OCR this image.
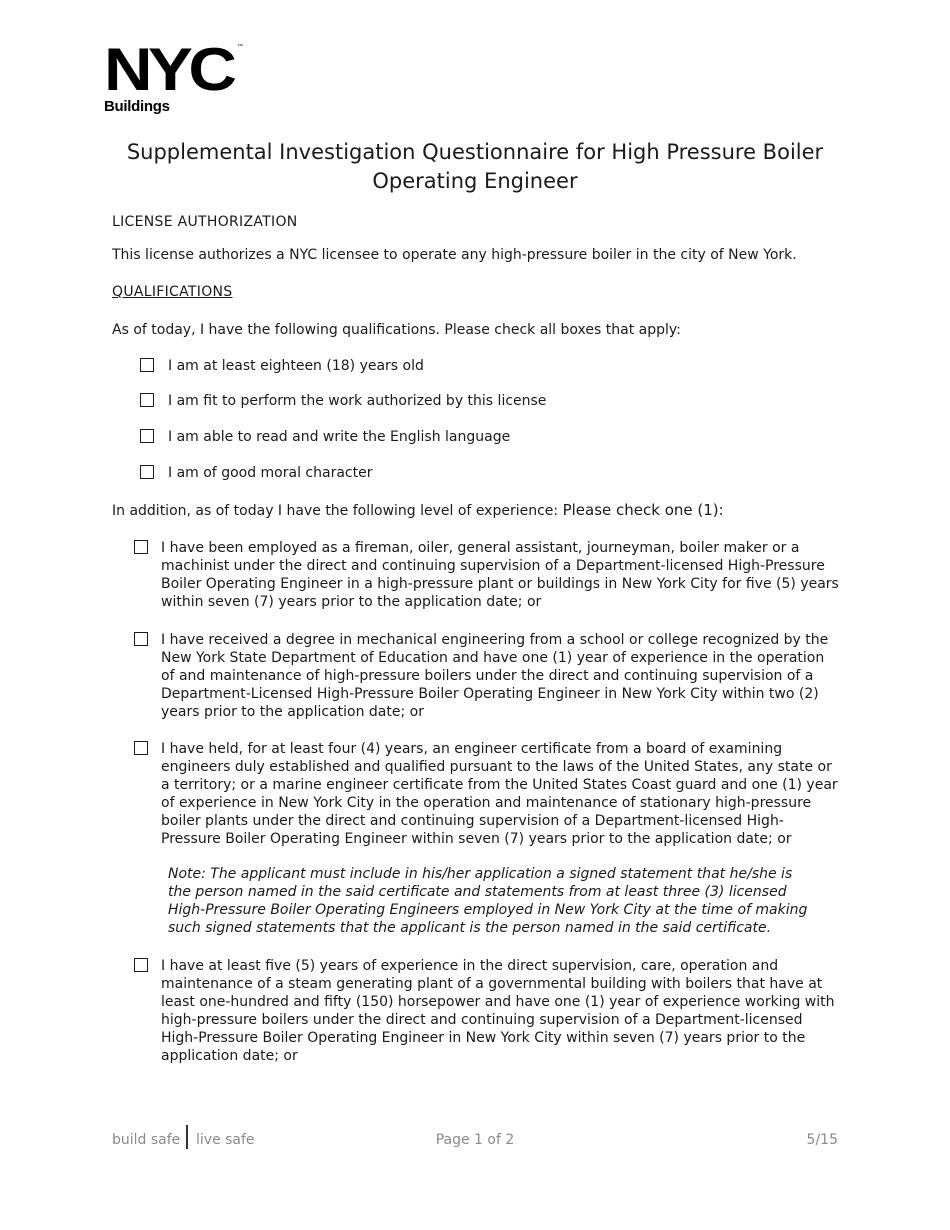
NYC ™
Buildings
Supplemental Investigation Questionnaire for High Pressure Boiler Operating Engineer
LICENSE AUTHORIZATION
This license authorizes a NYC licensee to operate any high-pressure boiler in the city of New York.
QUALIFICATIONS
As of today, I have the following qualifications. Please check all boxes that apply:
I am at least eighteen (18) years old
I am fit to perform the work authorized by this license
I am able to read and write the English language
I am of good moral character
In addition, as of today I have the following level of experience: Please check one (1):
I have been employed as a fireman, oiler, general assistant, journeyman, boiler maker or a machinist under the direct and continuing supervision of a Department-licensed High-Pressure Boiler Operating Engineer in a high-pressure plant or buildings in New York City for five (5) years within seven (7) years prior to the application date; or
I have received a degree in mechanical engineering from a school or college recognized by the New York State Department of Education and have one (1) year of experience in the operation of and maintenance of high-pressure boilers under the direct and continuing supervision of a Department-Licensed High-Pressure Boiler Operating Engineer in New York City within two (2) years prior to the application date; or
I have held, for at least four (4) years, an engineer certificate from a board of examining engineers duly established and qualified pursuant to the laws of the United States, any state or a territory; or a marine engineer certificate from the United States Coast guard and one (1) year of experience in New York City in the operation and maintenance of stationary high-pressure boiler plants under the direct and continuing supervision of a Department-licensed High-Pressure Boiler Operating Engineer within seven (7) years prior to the application date; or
Note: The applicant must include in his/her application a signed statement that he/she is the person named in the said certificate and statements from at least three (3) licensed High-Pressure Boiler Operating Engineers employed in New York City at the time of making such signed statements that the applicant is the person named in the said certificate.
I have at least five (5) years of experience in the direct supervision, care, operation and maintenance of a steam generating plant of a governmental building with boilers that have at least one-hundred and fifty (150) horsepower and have one (1) year of experience working with high-pressure boilers under the direct and continuing supervision of a Department-licensed High-Pressure Boiler Operating Engineer in New York City within seven (7) years prior to the application date; or
build safe live safe	Page 1 of 2	5/15
